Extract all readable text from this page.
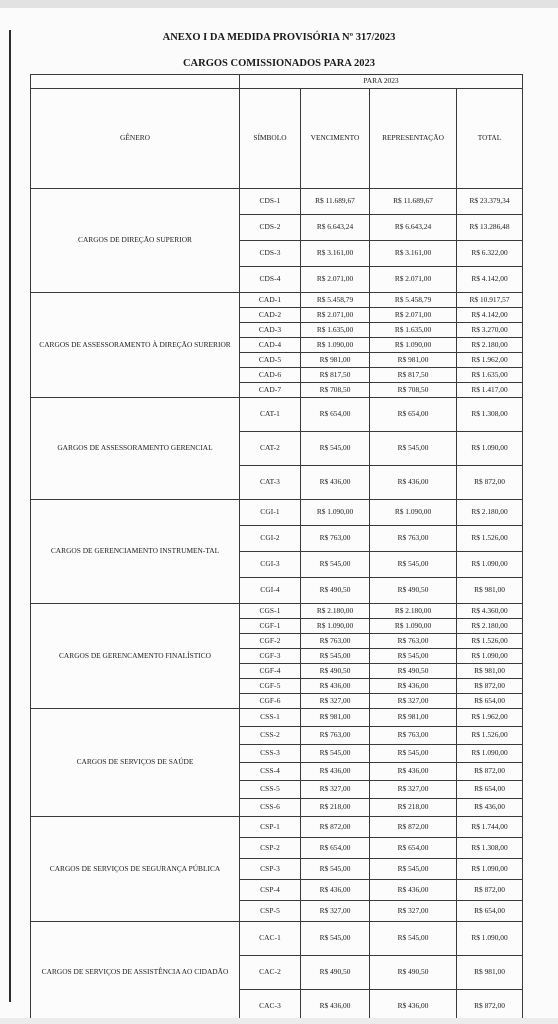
ANEXO I DA MEDIDA PROVISÓRIA Nº 317/2023
CARGOS COMISSIONADOS PARA 2023
	PARA 2023			
GÊNERO	SÍMBOLO	VENCIMENTO	REPRESENTAÇÃO	TOTAL
CARGOS DE DIREÇÃO SUPERIOR	CDS-1	R$ 11.689,67	R$ 11.689,67	R$ 23.379,34
	CDS-2	R$ 6.643,24	R$ 6.643,24	R$ 13.286,48
	CDS-3	R$ 3.161,00	R$ 3.161,00	R$ 6.322,00
	CDS-4	R$ 2.071,00	R$ 2.071,00	R$ 4.142,00
CARGOS DE ASSESSORAMENTO À DIREÇÃO SURERIOR	CAD-1	R$ 5.458,79	R$ 5.458,79	R$ 10.917,57
	CAD-2	R$ 2.071,00	R$ 2.071,00	R$ 4.142,00
	CAD-3	R$ 1.635,00	R$ 1.635,00	R$ 3.270,00
	CAD-4	R$ 1.090,00	R$ 1.090,00	R$ 2.180,00
	CAD-5	R$ 981,00	R$ 981,00	R$ 1.962,00
	CAD-6	R$ 817,50	R$ 817,50	R$ 1.635,00
	CAD-7	R$ 708,50	R$ 708,50	R$ 1.417,00
GARGOS DE ASSESSORAMENTO GERENCIAL	CAT-1	R$ 654,00	R$ 654,00	R$ 1.308,00
	CAT-2	R$ 545,00	R$ 545,00	R$ 1.090,00
	CAT-3	R$ 436,00	R$ 436,00	R$ 872,00
CARGOS DE GERENCIAMENTO INSTRUMEN-TAL	CGI-1	R$ 1.090,00	R$ 1.090,00	R$ 2.180,00
	CGI-2	R$ 763,00	R$ 763,00	R$ 1.526,00
	CGI-3	R$ 545,00	R$ 545,00	R$ 1.090,00
	CGI-4	R$ 490,50	R$ 490,50	R$ 981,00
CARGOS DE GERENCAMENTO FINALÍSTICO	CGS-1	R$ 2.180,00	R$ 2.180,00	R$ 4.360,00
	CGF-1	R$ 1.090,00	R$ 1.090,00	R$ 2.180,00
	CGF-2	R$ 763,00	R$ 763,00	R$ 1.526,00
	CGF-3	R$ 545,00	R$ 545,00	R$ 1.090,00
	CGF-4	R$ 490,50	R$ 490,50	R$ 981,00
	CGF-5	R$ 436,00	R$ 436,00	R$ 872,00
	CGF-6	R$ 327,00	R$ 327,00	R$ 654,00
CARGOS DE SERVIÇOS DE SAÚDE	CSS-1	R$ 981,00	R$ 981,00	R$ 1.962,00
	CSS-2	R$ 763,00	R$ 763,00	R$ 1.526,00
	CSS-3	R$ 545,00	R$ 545,00	R$ 1.090,00
	CSS-4	R$ 436,00	R$ 436,00	R$ 872,00
	CSS-5	R$ 327,00	R$ 327,00	R$ 654,00
	CSS-6	R$ 218,00	R$ 218,00	R$ 436,00
CARGOS DE SERVIÇOS DE SEGURANÇA PÚBLICA	CSP-1	R$ 872,00	R$ 872,00	R$ 1.744,00
	CSP-2	R$ 654,00	R$ 654,00	R$ 1.308,00
	CSP-3	R$ 545,00	R$ 545,00	R$ 1.090,00
	CSP-4	R$ 436,00	R$ 436,00	R$ 872,00
	CSP-5	R$ 327,00	R$ 327,00	R$ 654,00
CARGOS DE SERVIÇOS DE ASSISTÊNCIA AO CIDADÃO	CAC-1	R$ 545,00	R$ 545,00	R$ 1.090,00
	CAC-2	R$ 490,50	R$ 490,50	R$ 981,00
	CAC-3	R$ 436,00	R$ 436,00	R$ 872,00
